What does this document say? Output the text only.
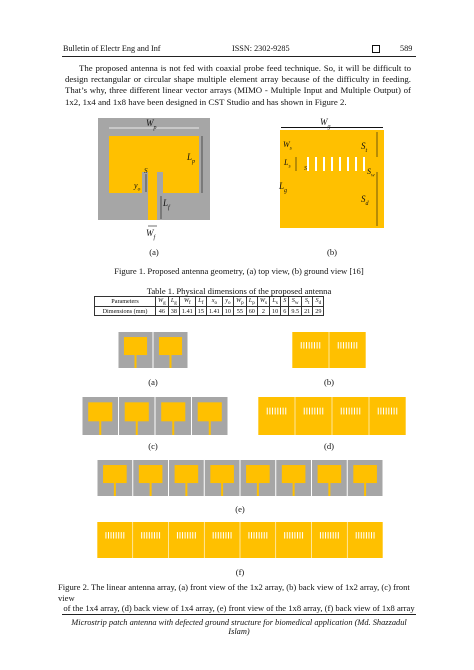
Bulletin of Electr Eng and Inf	ISSN: 2302-9285	589
The proposed antenna is not fed with coaxial probe feed technique. So, it will be difficult to design rectangular or circular shape multiple element array because of the difficulty in feeding. That’s why, three different linear vector arrays (MIMO - Multiple Input and Multiple Output) of 1x2, 1x4 and 1x8 have been designed in CST Studio and has shown in Figure 2.
$W_p$
$L_p$
S
$y_o$
$L_f$
$W_f$
$W_g$
$W_s$
$L_s$ S
$S_t$
$S_w$
$S_d$
$L_g$
(a)	(b)
Figure 1. Proposed antenna geometry, (a) top view, (b) ground view [16]
Table 1. Physical dimensions of the proposed antenna
Parameters	$W_g$	$L_g$	$W_f$	$L_f$	$x_o$	$y_o$	$W_p$	$L_p$	$W_s$	$L_s$	S	$S_w$	$S_t$	$S_d$
Dimensions (mm)	46	38	1.41	15	1.41	10	55	60	2	10	6	9.5	21	29
(a)	(b)
(c)	(d)
(e)
(f)
Figure 2. The linear antenna array, (a) front view of the 1x2 array, (b) back view of 1x2 array, (c) front view
of the 1x4 array, (d) back view of 1x4 array, (e) front view of the 1x8 array, (f) back view of 1x8 array
Microstrip patch antenna with defected ground structure for biomedical application (Md. Shazzadul Islam)
